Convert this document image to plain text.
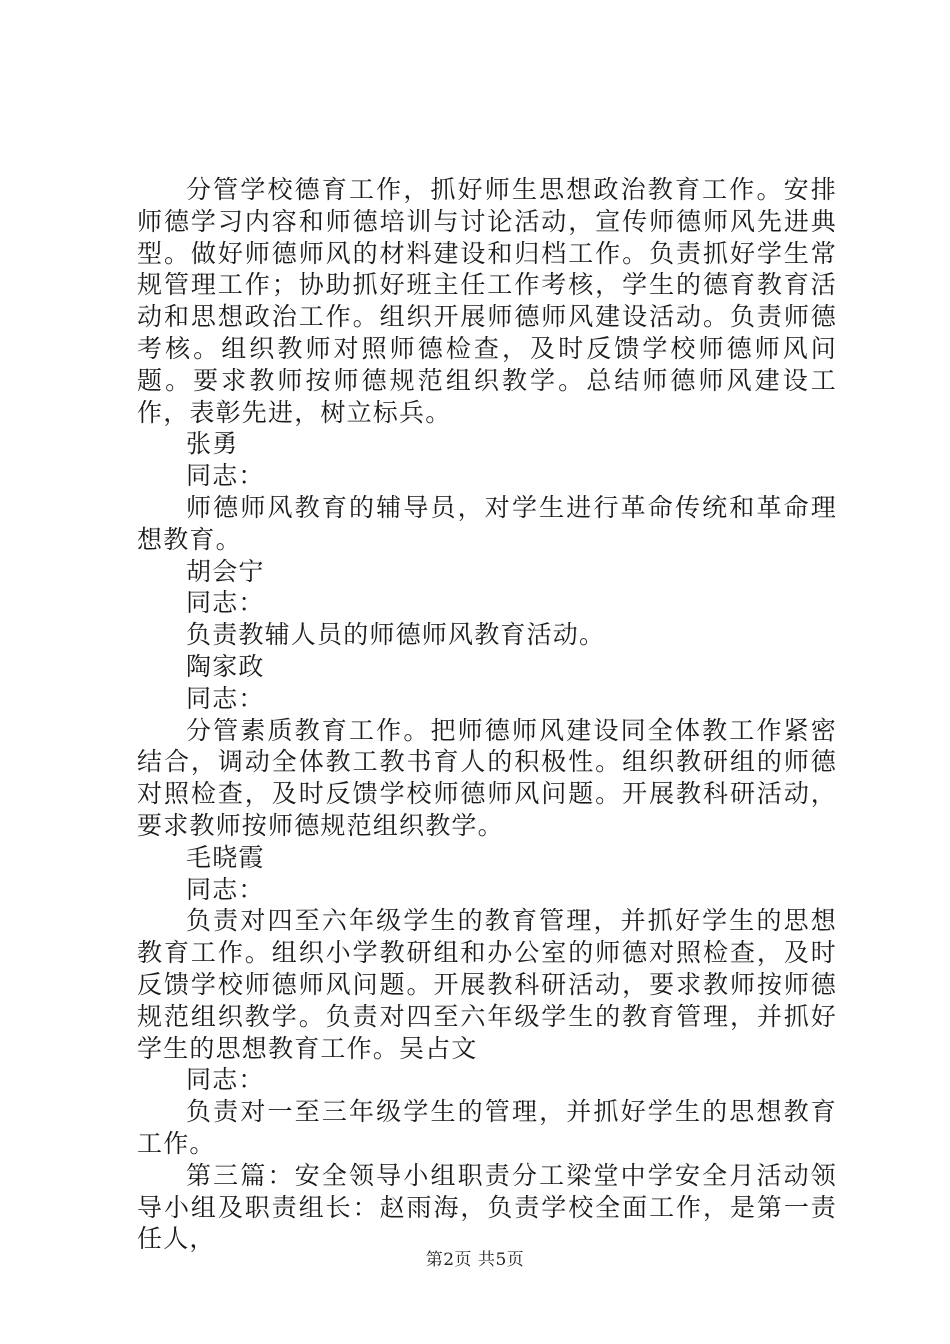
分管学校德育工作，抓好师生思想政治教育工作。安排师德学习内容和师德培训与讨论活动，宣传师德师风先进典型。做好师德师风的材料建设和归档工作。负责抓好学生常规管理工作；协助抓好班主任工作考核，学生的德育教育活动和思想政治工作。组织开展师德师风建设活动。负责师德考核。组织教师对照师德检查，及时反馈学校师德师风问题。要求教师按师德规范组织教学。总结师德师风建设工作，表彰先进，树立标兵。

张勇

同志：

师德师风教育的辅导员，对学生进行革命传统和革命理想教育。

胡会宁

同志：

负责教辅人员的师德师风教育活动。

陶家政

同志：

分管素质教育工作。把师德师风建设同全体教工作紧密结合，调动全体教工教书育人的积极性。组织教研组的师德对照检查，及时反馈学校师德师风问题。开展教科研活动，要求教师按师德规范组织教学。

毛晓霞

同志：

负责对四至六年级学生的教育管理，并抓好学生的思想教育工作。组织小学教研组和办公室的师德对照检查，及时反馈学校师德师风问题。开展教科研活动，要求教师按师德规范组织教学。负责对四至六年级学生的教育管理，并抓好学生的思想教育工作。吴占文

同志：

负责对一至三年级学生的管理，并抓好学生的思想教育工作。

第三篇：安全领导小组职责分工梁堂中学安全月活动领导小组及职责组长：赵雨海，负责学校全面工作，是第一责任人，

第2页 共5页
